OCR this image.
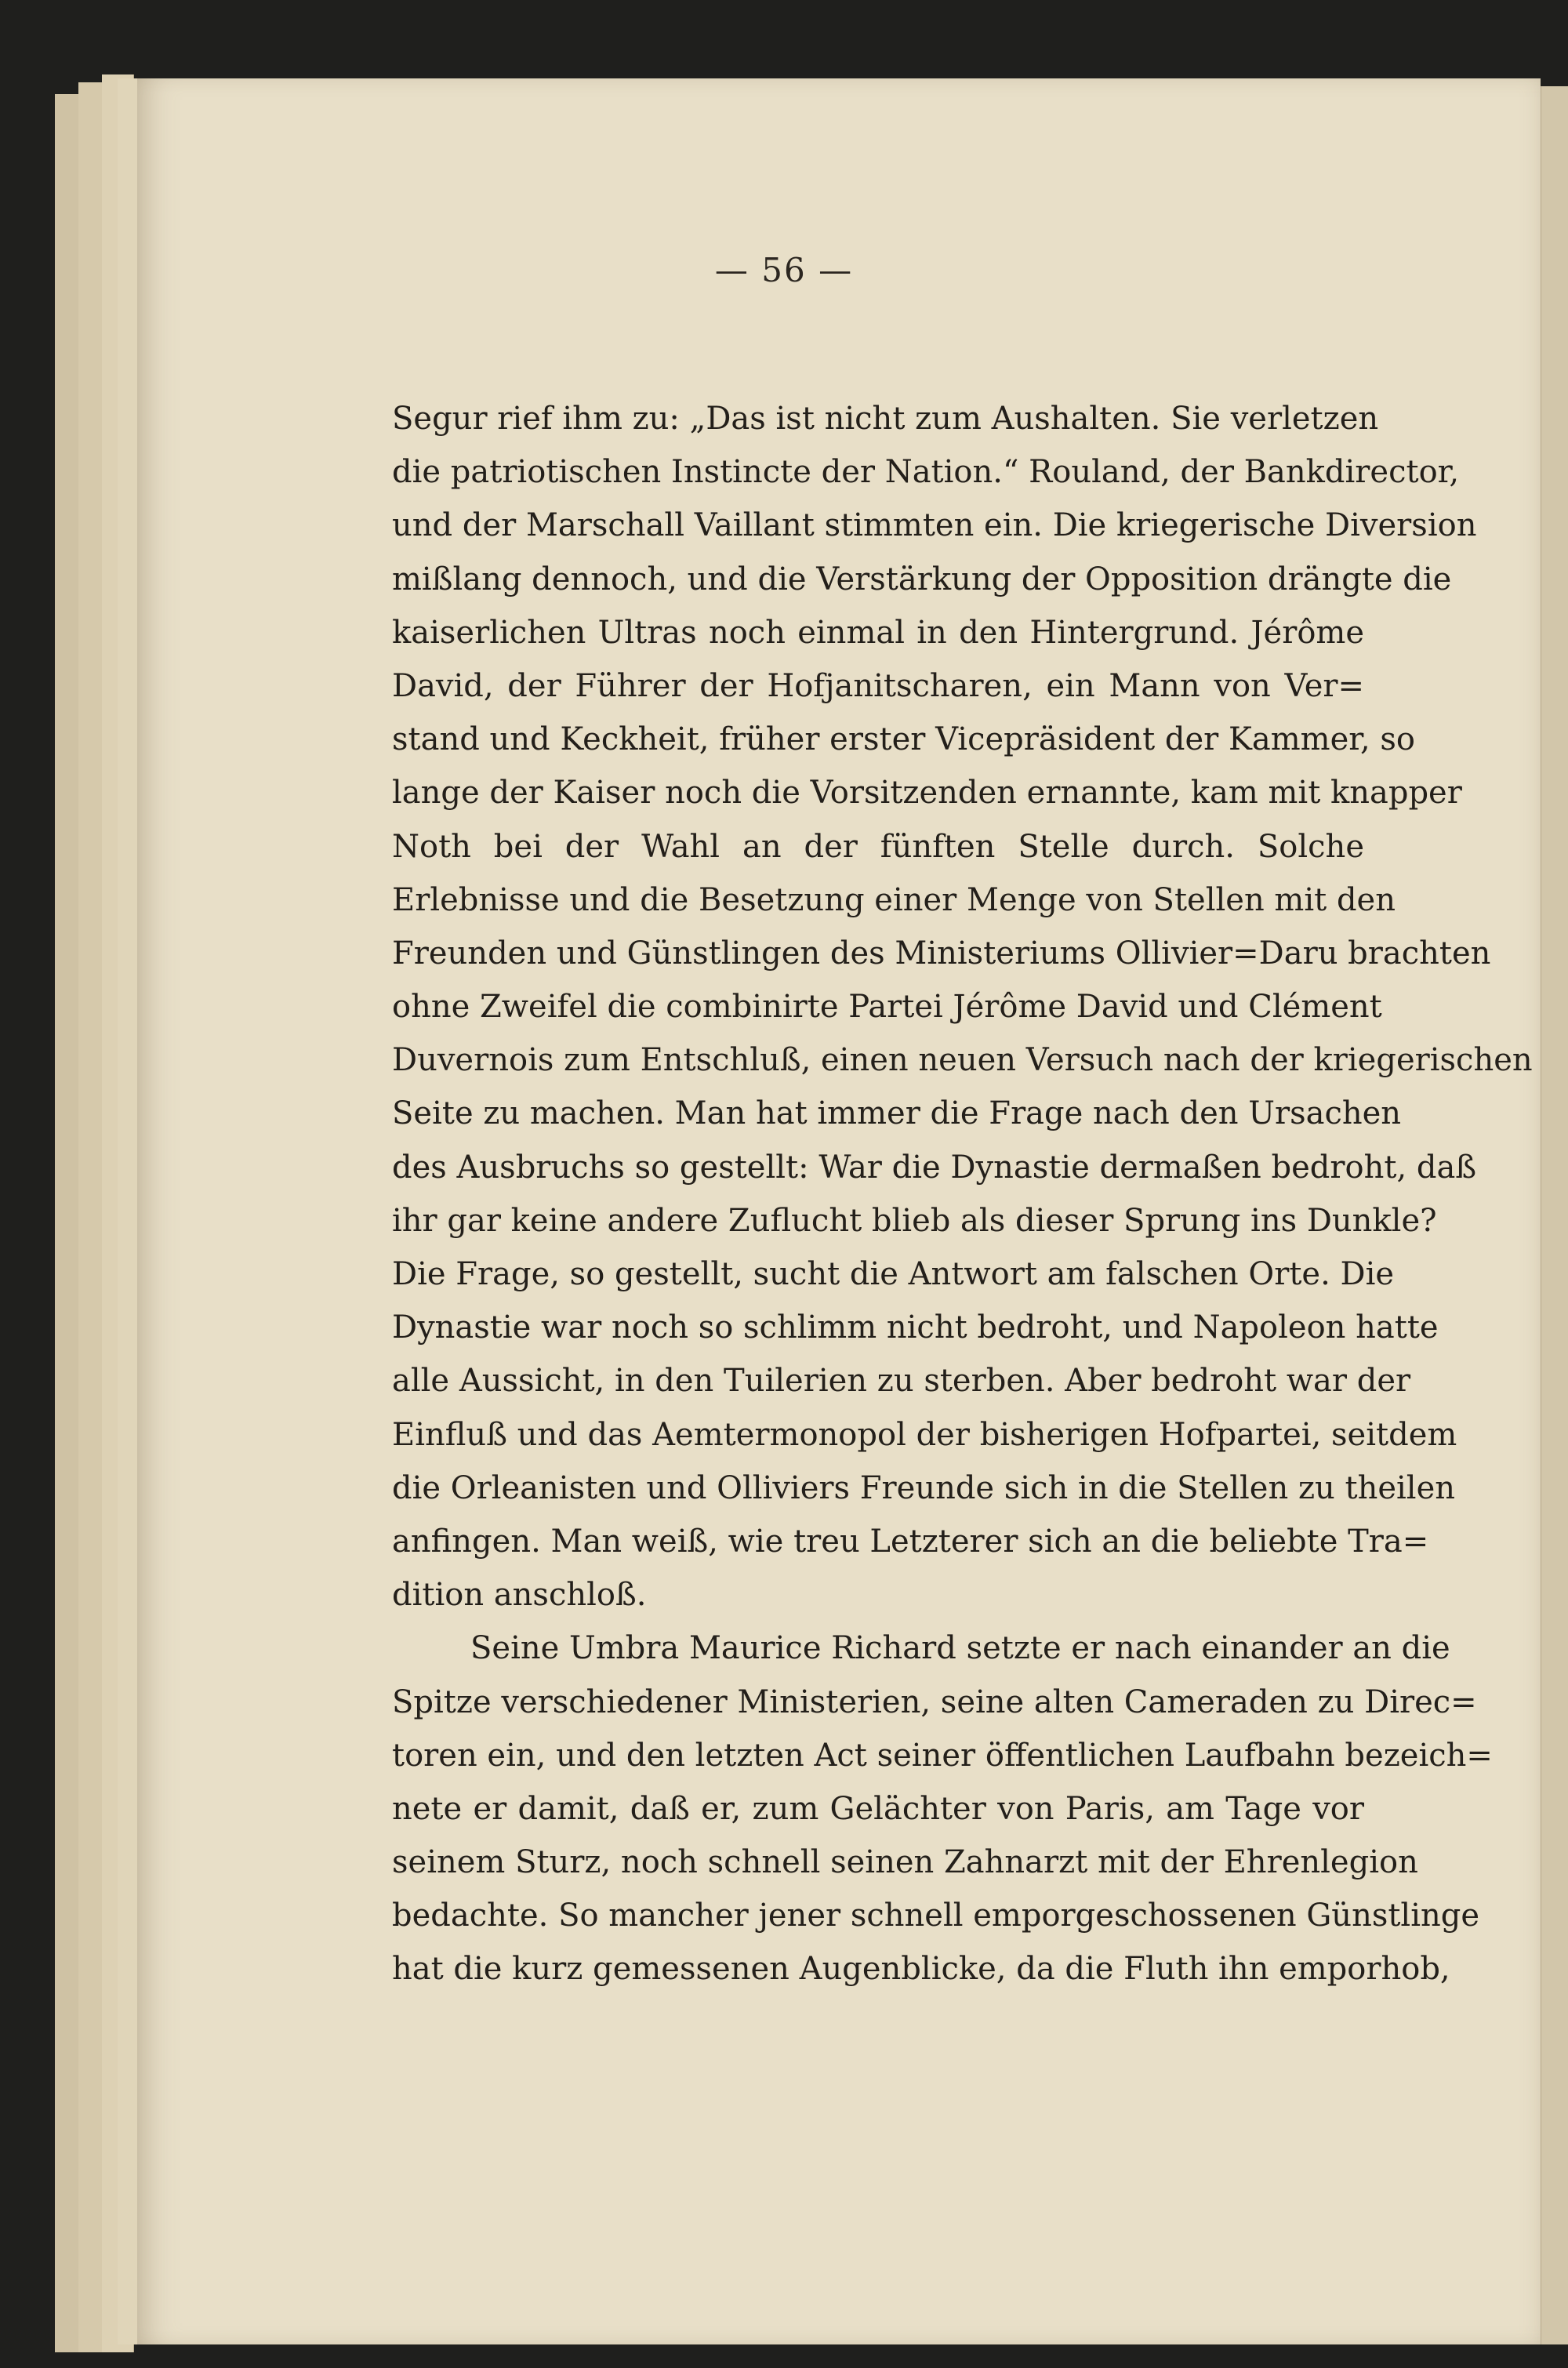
— 56 —
Segur rief ihm zu: „Das ist nicht zum Aushalten. Sie verletzen
die patriotischen Instincte der Nation.“ Rouland, der Bankdirector,
und der Marschall Vaillant stimmten ein. Die kriegerische Diversion
mißlang dennoch, und die Verstärkung der Opposition drängte die
kaiserlichen Ultras noch einmal in den Hintergrund. Jérôme
David, der Führer der Hofjanitscharen, ein Mann von Ver=
stand und Keckheit, früher erster Vicepräsident der Kammer, so
lange der Kaiser noch die Vorsitzenden ernannte, kam mit knapper
Noth bei der Wahl an der fünften Stelle durch. Solche
Erlebnisse und die Besetzung einer Menge von Stellen mit den
Freunden und Günstlingen des Ministeriums Ollivier=Daru brachten
ohne Zweifel die combinirte Partei Jérôme David und Clément
Duvernois zum Entschluß, einen neuen Versuch nach der kriegerischen
Seite zu machen. Man hat immer die Frage nach den Ursachen
des Ausbruchs so gestellt: War die Dynastie dermaßen bedroht, daß
ihr gar keine andere Zuflucht blieb als dieser Sprung ins Dunkle?
Die Frage, so gestellt, sucht die Antwort am falschen Orte. Die
Dynastie war noch so schlimm nicht bedroht, und Napoleon hatte
alle Aussicht, in den Tuilerien zu sterben. Aber bedroht war der
Einfluß und das Aemtermonopol der bisherigen Hofpartei, seitdem
die Orleanisten und Olliviers Freunde sich in die Stellen zu theilen
anfingen. Man weiß, wie treu Letzterer sich an die beliebte Tra=
dition anschloß.
Seine Umbra Maurice Richard setzte er nach einander an die
Spitze verschiedener Ministerien, seine alten Cameraden zu Direc=
toren ein, und den letzten Act seiner öffentlichen Laufbahn bezeich=
nete er damit, daß er, zum Gelächter von Paris, am Tage vor
seinem Sturz, noch schnell seinen Zahnarzt mit der Ehrenlegion
bedachte. So mancher jener schnell emporgeschossenen Günstlinge
hat die kurz gemessenen Augenblicke, da die Fluth ihn emporhob,
